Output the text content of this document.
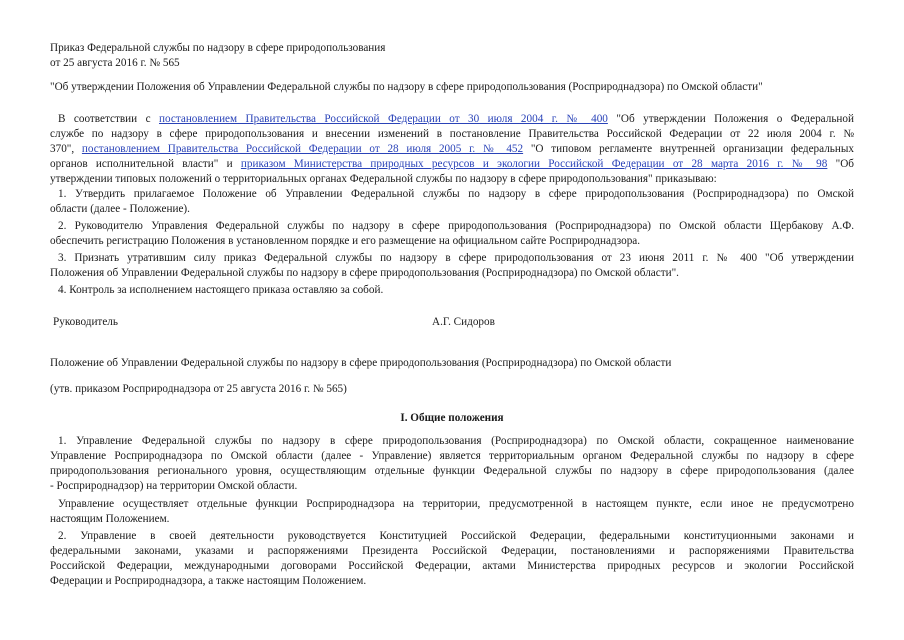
Приказ Федеральной службы по надзору в сфере природопользования
от 25 августа 2016 г. № 565
"Об утверждении Положения об Управлении Федеральной службы по надзору в сфере природопользования (Росприроднадзора) по Омской области"
В соответствии с постановлением Правительства Российской Федерации от 30 июля 2004 г. № 400 "Об утверждении Положения о Федеральной
службе по надзору в сфере природопользования и внесении изменений в постановление Правительства Российской Федерации от 22 июля 2004 г. №
370", постановлением Правительства Российской Федерации от 28 июля 2005 г. № 452 "О типовом регламенте внутренней организации федеральных
органов исполнительной власти" и приказом Министерства природных ресурсов и экологии Российской Федерации от 28 марта 2016 г. № 98 "Об
утверждении типовых положений о территориальных органах Федеральной службы по надзору в сфере природопользования" приказываю:
1. Утвердить прилагаемое Положение об Управлении Федеральной службы по надзору в сфере природопользования (Росприроднадзора) по Омской
области (далее - Положение).
2. Руководителю Управления Федеральной службы по надзору в сфере природопользования (Росприроднадзора) по Омской области Щербакову А.Ф.
обеспечить регистрацию Положения в установленном порядке и его размещение на официальном сайте Росприроднадзора.
3. Признать утратившим силу приказ Федеральной службы по надзору в сфере природопользования от 23 июня 2011 г. № 400 "Об утверждении
Положения об Управлении Федеральной службы по надзору в сфере природопользования (Росприроднадзора) по Омской области".
4. Контроль за исполнением настоящего приказа оставляю за собой.
Руководитель	А.Г. Сидоров
Положение об Управлении Федеральной службы по надзору в сфере природопользования (Росприроднадзора) по Омской области
(утв. приказом Росприроднадзора от 25 августа 2016 г. № 565)
I. Общие положения
1. Управление Федеральной службы по надзору в сфере природопользования (Росприроднадзора) по Омской области, сокращенное наименование
Управление Росприроднадзора по Омской области (далее - Управление) является территориальным органом Федеральной службы по надзору в сфере
природопользования регионального уровня, осуществляющим отдельные функции Федеральной службы по надзору в сфере природопользования (далее
- Росприроднадзор) на территории Омской области.
Управление осуществляет отдельные функции Росприроднадзора на территории, предусмотренной в настоящем пункте, если иное не предусмотрено
настоящим Положением.
2. Управление в своей деятельности руководствуется Конституцией Российской Федерации, федеральными конституционными законами и
федеральными законами, указами и распоряжениями Президента Российской Федерации, постановлениями и распоряжениями Правительства
Российской Федерации, международными договорами Российской Федерации, актами Министерства природных ресурсов и экологии Российской
Федерации и Росприроднадзора, а также настоящим Положением.
